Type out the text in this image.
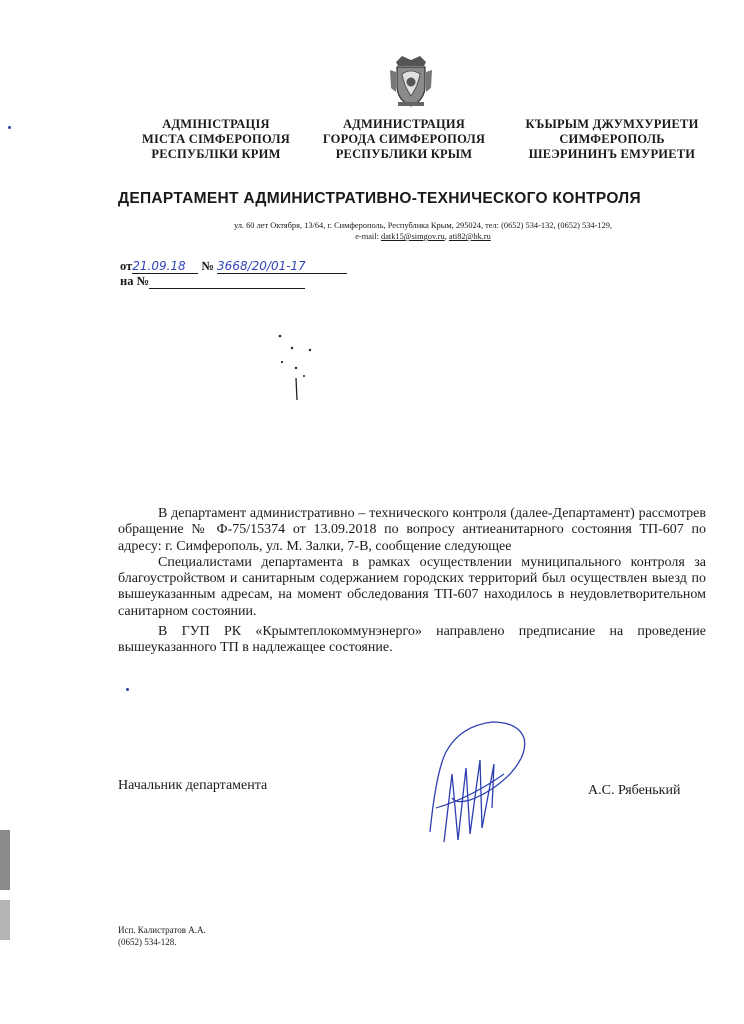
АДМІНІСТРАЦІЯ
МІСТА СІМФЕРОПОЛЯ
РЕСПУБЛІКИ КРИМ
АДМИНИСТРАЦИЯ
ГОРОДА СИМФЕРОПОЛЯ
РЕСПУБЛИКИ КРЫМ
КЪЫРЫМ ДЖУМХУРИЕТИ
СИМФЕРОПОЛЬ
ШЕЭРИНИНЪ ЕМУРИЕТИ
ДЕПАРТАМЕНТ АДМИНИСТРАТИВНО-ТЕХНИЧЕСКОГО КОНТРОЛЯ
ул. 60 лет Октября, 13/64, г. Симферополь, Республика Крым, 295024, тел: (0652) 534-132, (0652) 534-129,
e-mail: datk15@simgov.ru, ati82@bk.ru
от21.09.18 № 3668/20/01-17
на №

В департамент административно – технического контроля (далее-Департамент) рассмотрев обращение № Ф-75/15374 от 13.09.2018 по вопросу антиеанитарного состояния ТП-607 по адресу: г. Симферополь, ул. М. Залки, 7-В, сообщение следующее

Специалистами департамента в рамках осуществлении муниципального контроля за благоустройством и санитарным содержанием городских территорий был осуществлен выезд по вышеуказанным адресам, на момент обследования ТП-607 находилось в неудовлетворительном санитарном состоянии.

В ГУП РК «Крымтеплокоммунэнерго» направлено предписание на проведение вышеуказанного ТП в надлежащее состояние.

Начальник департамента	А.С. Рябенький
Исп. Калистратов А.А.
(0652) 534-128.
